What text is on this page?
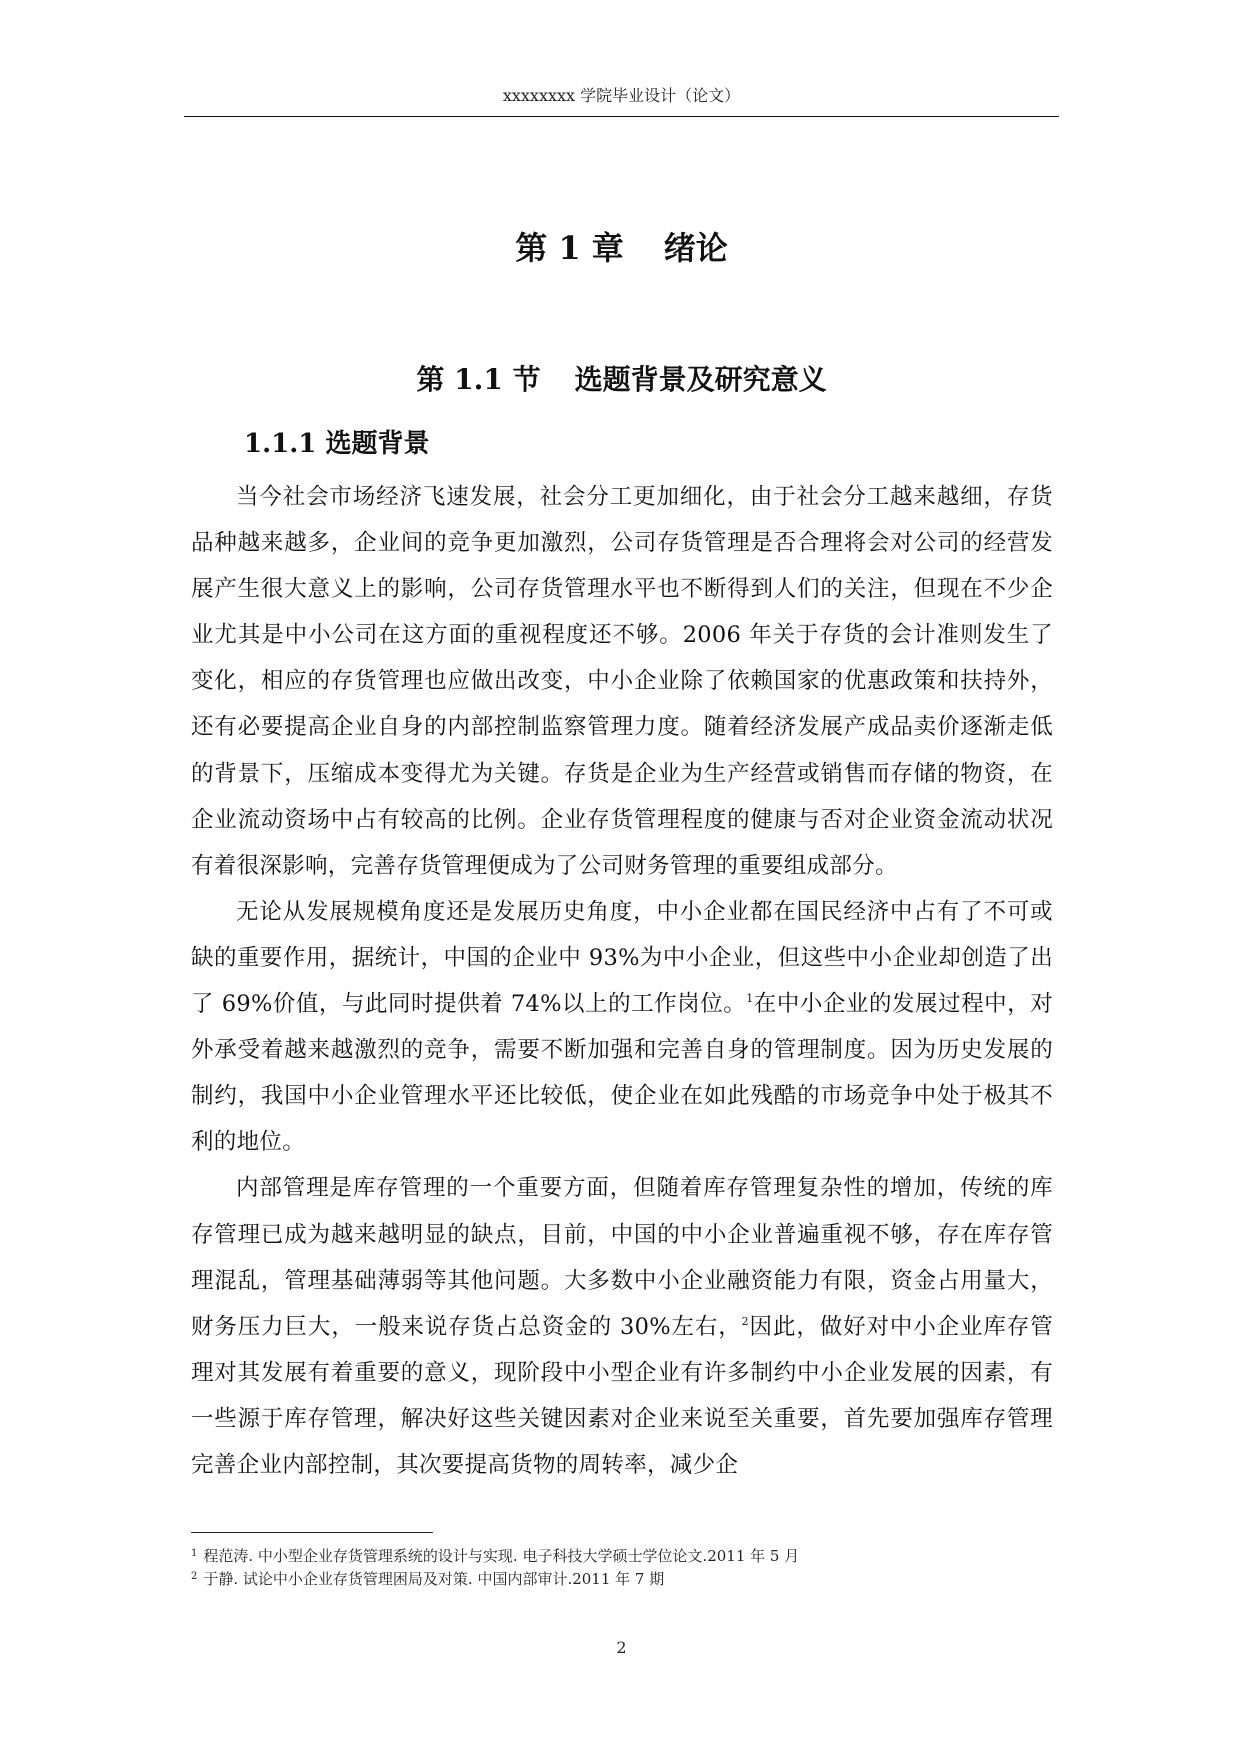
xxxxxxxx 学院毕业设计（论文）
第 1 章 绪论
第 1.1 节 选题背景及研究意义
1.1.1 选题背景

当今社会市场经济飞速发展，社会分工更加细化，由于社会分工越来越细，存货品种越来越多，企业间的竞争更加激烈，公司存货管理是否合理将会对公司的经营发展产生很大意义上的影响，公司存货管理水平也不断得到人们的关注，但现在不少企业尤其是中小公司在这方面的重视程度还不够。2006 年关于存货的会计准则发生了变化，相应的存货管理也应做出改变，中小企业除了依赖国家的优惠政策和扶持外，还有必要提高企业自身的内部控制监察管理力度。随着经济发展产成品卖价逐渐走低的背景下，压缩成本变得尤为关键。存货是企业为生产经营或销售而存储的物资，在企业流动资场中占有较高的比例。企业存货管理程度的健康与否对企业资金流动状况有着很深影响，完善存货管理便成为了公司财务管理的重要组成部分。

无论从发展规模角度还是发展历史角度，中小企业都在国民经济中占有了不可或缺的重要作用，据统计，中国的企业中 93%为中小企业，但这些中小企业却创造了出了 69%价值，与此同时提供着 74%以上的工作岗位。$^1$在中小企业的发展过程中，对外承受着越来越激烈的竞争，需要不断加强和完善自身的管理制度。因为历史发展的制约，我国中小企业管理水平还比较低，使企业在如此残酷的市场竞争中处于极其不利的地位。

内部管理是库存管理的一个重要方面，但随着库存管理复杂性的增加，传统的库存管理已成为越来越明显的缺点，目前，中国的中小企业普遍重视不够，存在库存管理混乱，管理基础薄弱等其他问题。大多数中小企业融资能力有限，资金占用量大，财务压力巨大，一般来说存货占总资金的 30%左右，$^2$因此，做好对中小企业库存管理对其发展有着重要的意义，现阶段中小型企业有许多制约中小企业发展的因素，有一些源于库存管理，解决好这些关键因素对企业来说至关重要，首先要加强库存管理完善企业内部控制，其次要提高货物的周转率，减少企

$^1$ 程范涛. 中小型企业存货管理系统的设计与实现. 电子科技大学硕士学位论文.2011 年 5 月
$^2$ 于静. 试论中小企业存货管理困局及对策. 中国内部审计.2011 年 7 期
2
